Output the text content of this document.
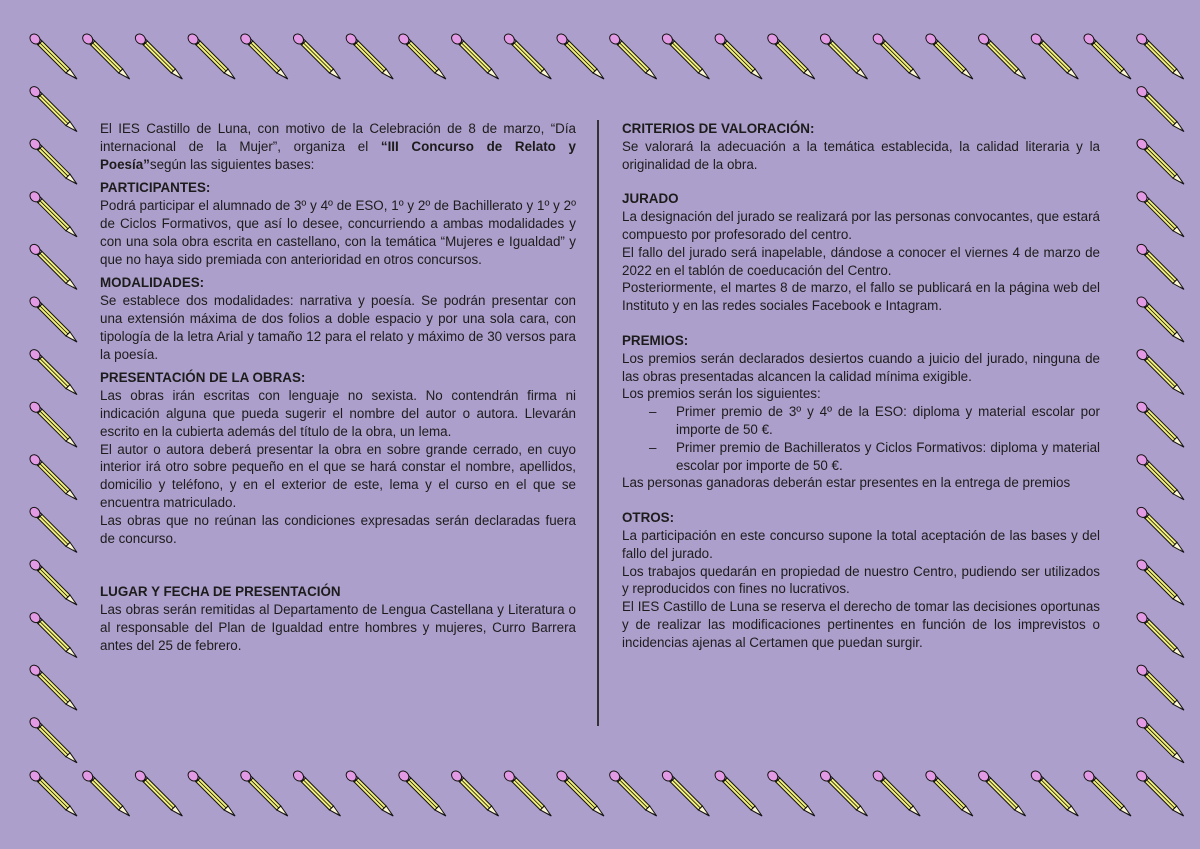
El IES Castillo de Luna, con motivo de la Celebración de 8 de marzo, “Día internacional de la Mujer”, organiza el “III Concurso de Relato y Poesía”según las siguientes bases:

PARTICIPANTES:

Podrá participar el alumnado de 3º y 4º de ESO, 1º y 2º de Bachillerato y 1º y 2º de Ciclos Formativos, que así lo desee, concurriendo a ambas modalidades y con una sola obra escrita en castellano, con la temática “Mujeres e Igualdad” y que no haya sido premiada con anterioridad en otros concursos.

MODALIDADES:

Se establece dos modalidades: narrativa y poesía. Se podrán presentar con una extensión máxima de dos folios a doble espacio y por una sola cara, con tipología de la letra Arial y tamaño 12 para el relato y máximo de 30 versos para la poesía.

PRESENTACIÓN DE LA OBRAS:

Las obras irán escritas con lenguaje no sexista. No contendrán firma ni indicación alguna que pueda sugerir el nombre del autor o autora. Llevarán escrito en la cubierta además del título de la obra, un lema.

El autor o autora deberá presentar la obra en sobre grande cerrado, en cuyo interior irá otro sobre pequeño en el que se hará constar el nombre, apellidos, domicilio y teléfono, y en el exterior de este, lema y el curso en el que se encuentra matriculado.

Las obras que no reúnan las condiciones expresadas serán declaradas fuera de concurso.

LUGAR Y FECHA DE PRESENTACIÓN

Las obras serán remitidas al Departamento de Lengua Castellana y Literatura o al responsable del Plan de Igualdad entre hombres y mujeres, Curro Barrera antes del 25 de febrero.

CRITERIOS DE VALORACIÓN:

Se valorará la adecuación a la temática establecida, la calidad literaria y la originalidad de la obra.

JURADO

La designación del jurado se realizará por las personas convocantes, que estará compuesto por profesorado del centro.

El fallo del jurado será inapelable, dándose a conocer el viernes 4 de marzo de 2022 en el tablón de coeducación del Centro.

Posteriormente, el martes 8 de marzo, el fallo se publicará en la página web del Instituto y en las redes sociales Facebook e Intagram.

PREMIOS:

Los premios serán declarados desiertos cuando a juicio del jurado, ninguna de las obras presentadas alcancen la calidad mínima exigible.

Los premios serán los siguientes:

– Primer premio de 3º y 4º de la ESO: diploma y material escolar por importe de 50 €.
– Primer premio de Bachilleratos y Ciclos Formativos: diploma y material escolar por importe de 50 €.

Las personas ganadoras deberán estar presentes en la entrega de premios

OTROS:

La participación en este concurso supone la total aceptación de las bases y del fallo del jurado.

Los trabajos quedarán en propiedad de nuestro Centro, pudiendo ser utilizados y reproducidos con fines no lucrativos.

El IES Castillo de Luna se reserva el derecho de tomar las decisiones oportunas y de realizar las modificaciones pertinentes en función de los imprevistos o incidencias ajenas al Certamen que puedan surgir.
